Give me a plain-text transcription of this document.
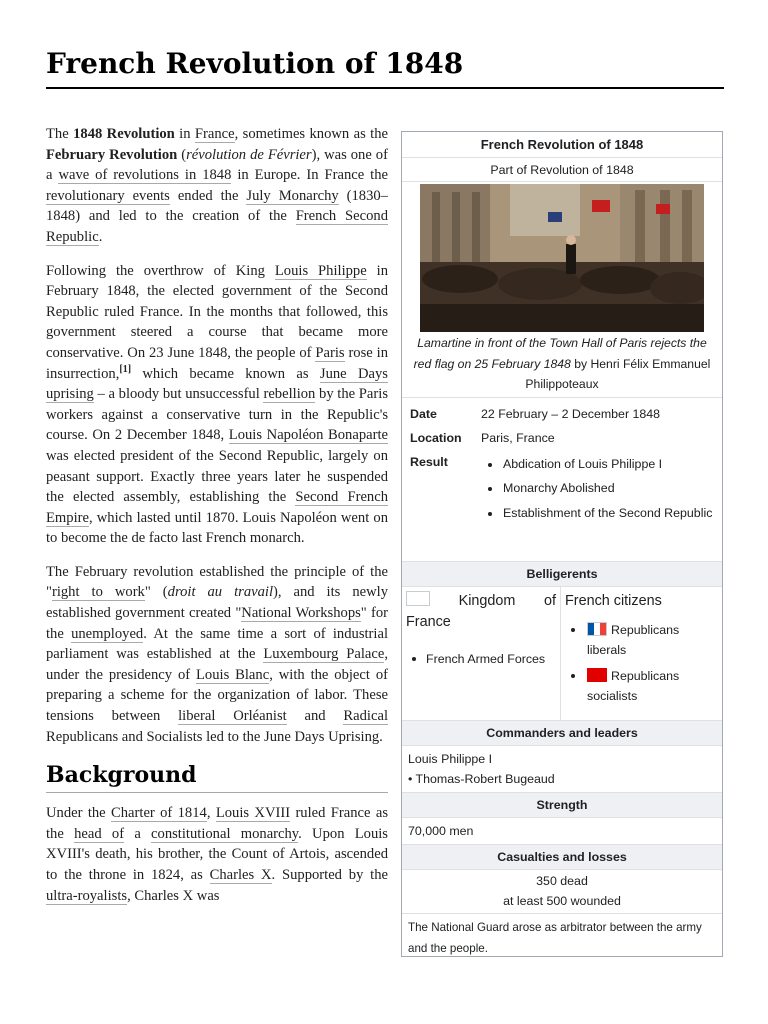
French Revolution of 1848

The 1848 Revolution in France, sometimes known as the February Revolution (révolution de Février), was one of a wave of revolutions in 1848 in Europe. In France the revolutionary events ended the July Monarchy (1830–1848) and led to the creation of the French Second Republic.

Following the overthrow of King Louis Philippe in February 1848, the elected government of the Second Republic ruled France. In the months that followed, this government steered a course that became more conservative. On 23 June 1848, the people of Paris rose in insurrection,[1] which became known as June Days uprising – a bloody but unsuccessful rebellion by the Paris workers against a conservative turn in the Republic's course. On 2 December 1848, Louis Napoléon Bonaparte was elected president of the Second Republic, largely on peasant support. Exactly three years later he suspended the elected assembly, establishing the Second French Empire, which lasted until 1870. Louis Napoléon went on to become the de facto last French monarch.

The February revolution established the principle of the "right to work" (droit au travail), and its newly established government created "National Workshops" for the unemployed. At the same time a sort of industrial parliament was established at the Luxembourg Palace, under the presidency of Louis Blanc, with the object of preparing a scheme for the organization of labor. These tensions between liberal Orléanist and Radical Republicans and Socialists led to the June Days Uprising.

Background

Under the Charter of 1814, Louis XVIII ruled France as the head of a constitutional monarchy. Upon Louis XVIII's death, his brother, the Count of Artois, ascended to the throne in 1824, as Charles X. Supported by the ultra-royalists, Charles X was

French Revolution of 1848
Part of Revolution of 1848
Lamartine in front of the Town Hall of Paris rejects the red flag on 25 February 1848 by Henri Félix Emmanuel Philippoteaux
Date	22 February – 2 December 1848
Location	Paris, France
Result	Abdication of Louis Philippe I
Monarchy Abolished
Establishment of the Second Republic
Belligerents
Kingdom of
France
French Armed Forces
French citizens
Republicans liberals
Republicans socialists
Commanders and leaders
Louis Philippe I
• Thomas-Robert Bugeaud
Strength
70,000 men
Casualties and losses
350 dead
at least 500 wounded
The National Guard arose as arbitrator between the army and the people.
